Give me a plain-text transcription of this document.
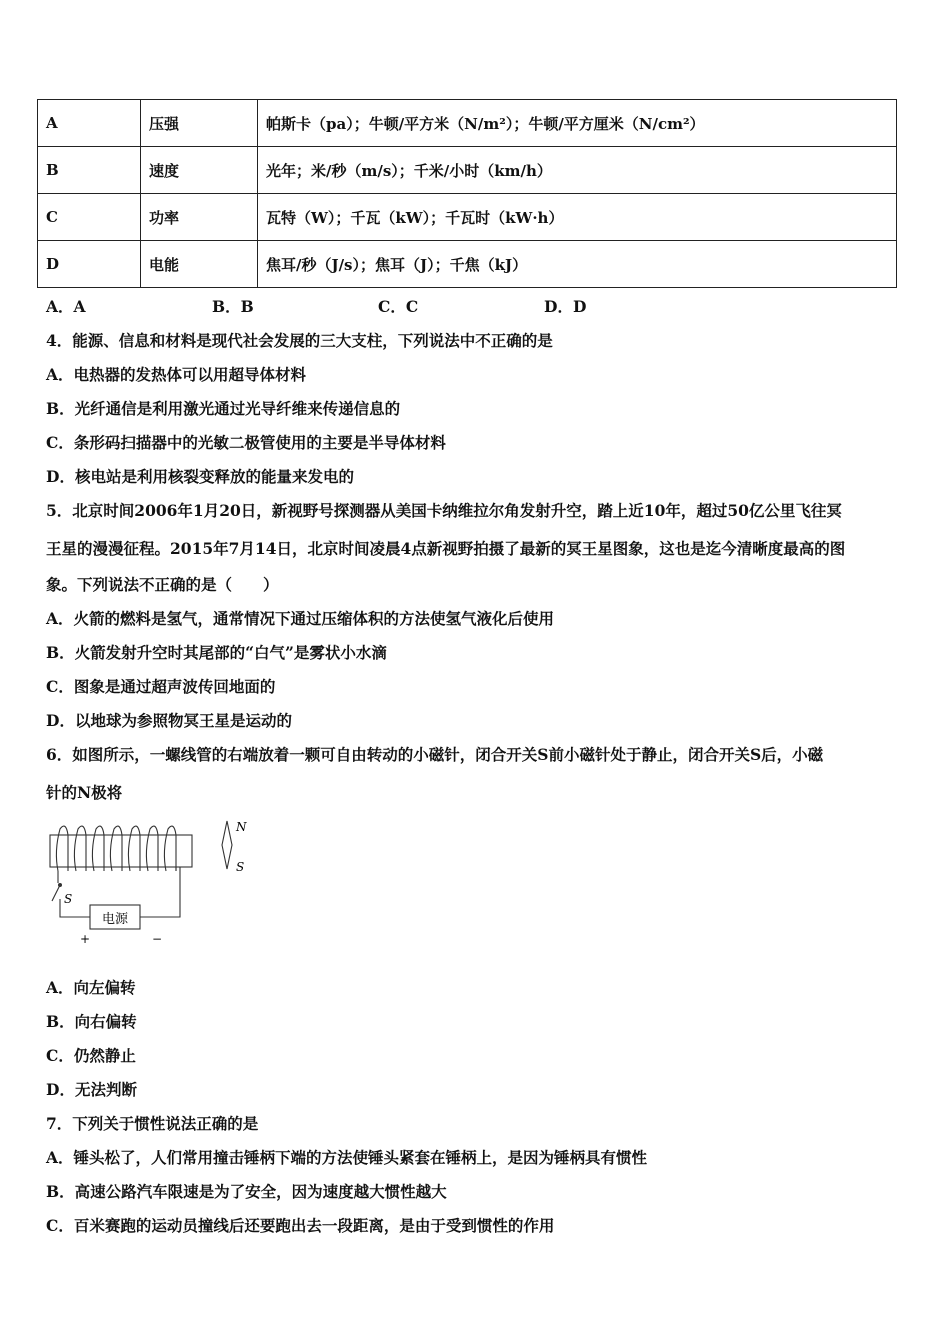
A	压强	帕斯卡（pa）；牛顿/平方米（N/m²）；牛顿/平方厘米（N/cm²）
B	速度	光年；米/秒（m/s）；千米/小时（km/h）
C	功率	瓦特（W）；千瓦（kW）；千瓦时（kW·h）
D	电能	焦耳/秒（J/s）；焦耳（J）；千焦（kJ）
A．A	B．B	C．C	D．D
4．能源、信息和材料是现代社会发展的三大支柱，下列说法中不正确的是
A．电热器的发热体可以用超导体材料
B．光纤通信是利用激光通过光导纤维来传递信息的
C．条形码扫描器中的光敏二极管使用的主要是半导体材料
D．核电站是利用核裂变释放的能量来发电的
5．北京时间2006年1月20日，新视野号探测器从美国卡纳维拉尔角发射升空，踏上近10年，超过50亿公里飞往冥
王星的漫漫征程。2015年7月14日，北京时间凌晨4点新视野拍摄了最新的冥王星图象，这也是迄今清晰度最高的图
象。下列说法不正确的是（　　）
A．火箭的燃料是氢气，通常情况下通过压缩体积的方法使氢气液化后使用
B．火箭发射升空时其尾部的“白气”是雾状小水滴
C．图象是通过超声波传回地面的
D．以地球为参照物冥王星是运动的
6．如图所示，一螺线管的右端放着一颗可自由转动的小磁针，闭合开关S前小磁针处于静止，闭合开关S后，小磁
针的N极将
电源
S
N
S
+	−
A．向左偏转
B．向右偏转
C．仍然静止
D．无法判断
7．下列关于惯性说法正确的是
A．锤头松了，人们常用撞击锤柄下端的方法使锤头紧套在锤柄上，是因为锤柄具有惯性
B．高速公路汽车限速是为了安全，因为速度越大惯性越大
C．百米赛跑的运动员撞线后还要跑出去一段距离，是由于受到惯性的作用
